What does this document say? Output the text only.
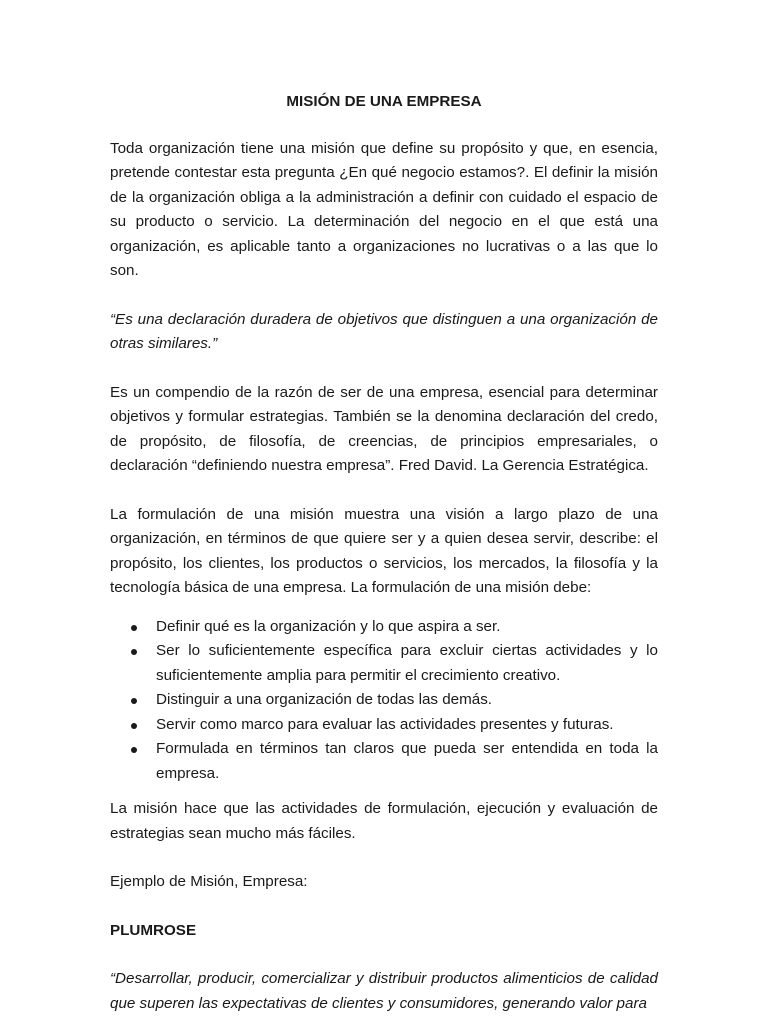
MISIÓN DE UNA EMPRESA

Toda organización tiene una misión que define su propósito y que, en esencia, pretende contestar esta pregunta ¿En qué negocio estamos?. El definir la misión de la organización obliga a la administración a definir con cuidado el espacio de su producto o servicio. La determinación del negocio en el que está una organización, es aplicable tanto a organizaciones no lucrativas o a las que lo son.

“Es una declaración duradera de objetivos que distinguen a una organización de otras similares.”

Es un compendio de la razón de ser de una empresa, esencial para determinar objetivos y formular estrategias. También se la denomina declaración del credo, de propósito, de filosofía, de creencias, de principios empresariales, o declaración “definiendo nuestra empresa”. Fred David. La Gerencia Estratégica.

La formulación de una misión muestra una visión a largo plazo de una organización, en términos de que quiere ser y a quien desea servir, describe: el propósito, los clientes, los productos o servicios, los mercados, la filosofía y la tecnología básica de una empresa. La formulación de una misión debe:

Definir qué es la organización y lo que aspira a ser.
Ser lo suficientemente específica para excluir ciertas actividades y lo suficientemente amplia para permitir el crecimiento creativo.
Distinguir a una organización de todas las demás.
Servir como marco para evaluar las actividades presentes y futuras.
Formulada en términos tan claros que pueda ser entendida en toda la empresa.

La misión hace que las actividades de formulación, ejecución y evaluación de estrategias sean mucho más fáciles.

Ejemplo de Misión, Empresa:

PLUMROSE

“Desarrollar, producir, comercializar y distribuir productos alimenticios de calidad que superen las expectativas de clientes y consumidores, generando valor para
